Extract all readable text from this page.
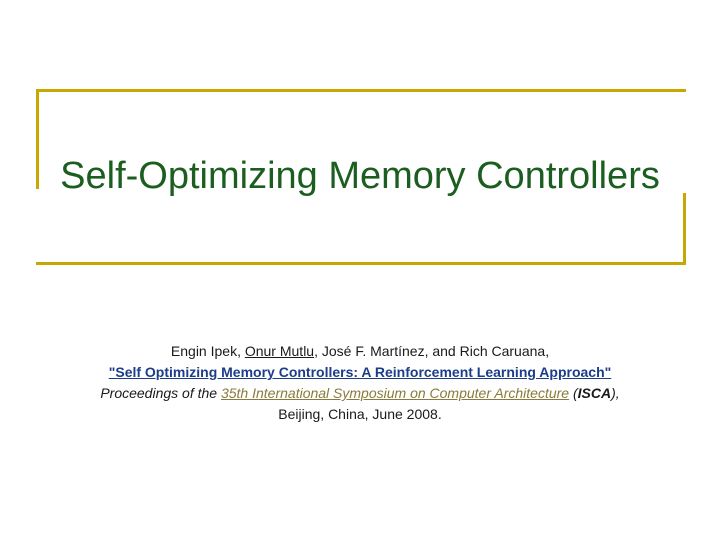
Self-Optimizing Memory Controllers
Engin Ipek, Onur Mutlu, José F. Martínez, and Rich Caruana,
"Self Optimizing Memory Controllers: A Reinforcement Learning Approach"
Proceedings of the 35th International Symposium on Computer Architecture (ISCA),
Beijing, China, June 2008.
